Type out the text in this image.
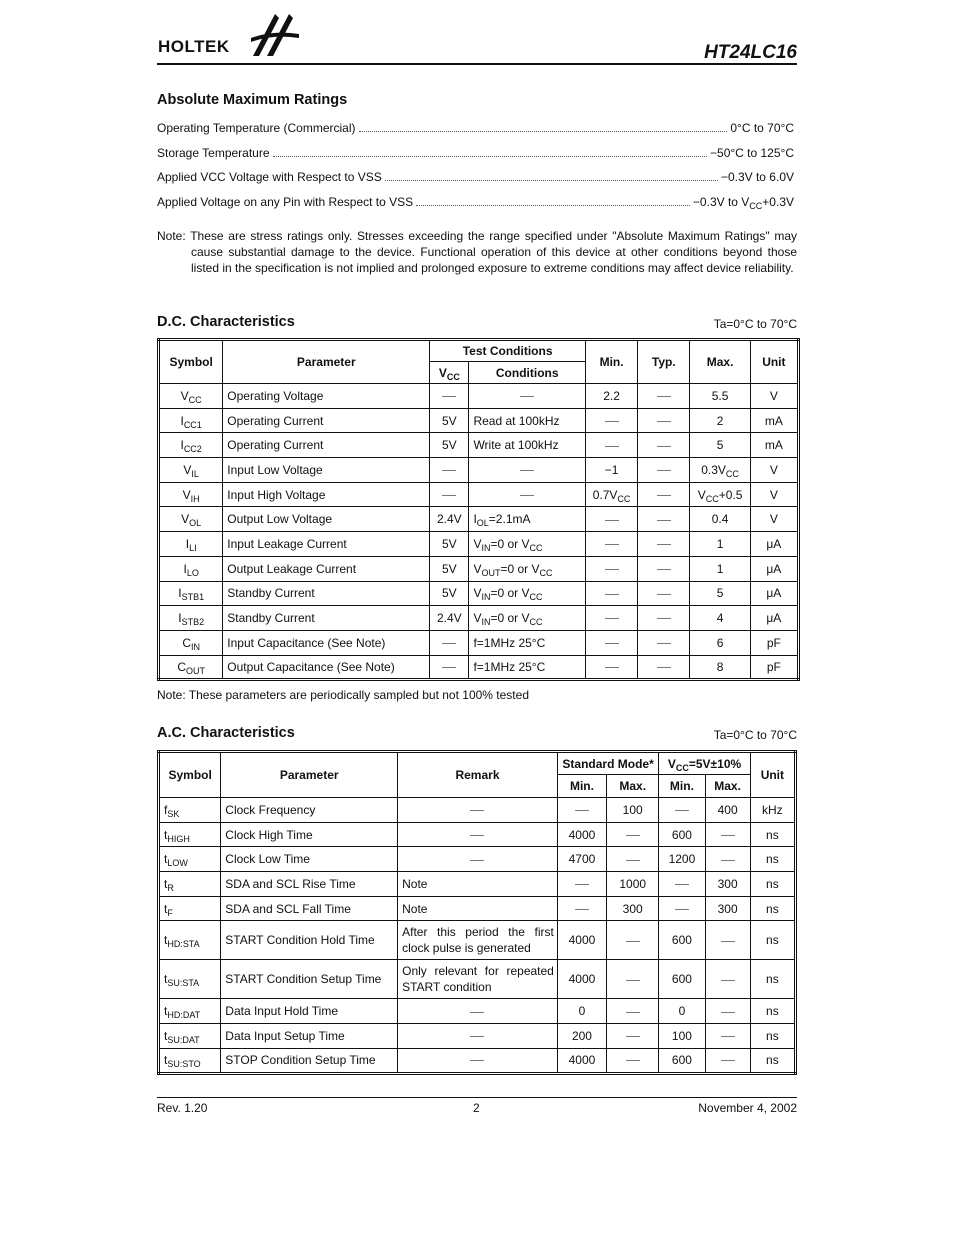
HOLTEK	HT24LC16
Absolute Maximum Ratings
Operating Temperature (Commercial)	0°C to 70°C
Storage Temperature	−50°C to 125°C
Applied VCC Voltage with Respect to VSS	−0.3V to 6.0V
Applied Voltage on any Pin with Respect to VSS	−0.3V to $V_{CC}+0.3V$
Note: These are stress ratings only. Stresses exceeding the range specified under "Absolute Maximum Ratings" may cause substantial damage to the device. Functional operation of this device at other conditions beyond those listed in the specification is not implied and prolonged exposure to extreme conditions may affect device reliability.
D.C. Characteristics	Ta=0°C to 70°C
Symbol	Parameter	Test Conditions		Min.	Typ.	Max.	Unit
		$V_{CC}$	Conditions				
$V_{CC}$	Operating Voltage			2.2		5.5	V
$I_{CC1}$	Operating Current	5V	Read at 100kHz			2	mA
$I_{CC2}$	Operating Current	5V	Write at 100kHz			5	mA
$V_{IL}$	Input Low Voltage			−1		$0.3V_{CC}$	V
$V_{IH}$	Input High Voltage			$0.7V_{CC}$		$V_{CC}+0.5$	V
$V_{OL}$	Output Low Voltage	2.4V	$I_{OL}=2.1mA$			0.4	V
$I_{LI}$	Input Leakage Current	5V	$V_{IN}=0$ or $V_{CC}$			1	μA
$I_{LO}$	Output Leakage Current	5V	$V_{OUT}=0$ or $V_{CC}$			1	μA
$I_{STB1}$	Standby Current	5V	$V_{IN}=0$ or $V_{CC}$			5	μA
$I_{STB2}$	Standby Current	2.4V	$V_{IN}=0$ or $V_{CC}$			4	μA
$C_{IN}$	Input Capacitance (See Note)		f=1MHz 25°C			6	pF
$C_{OUT}$	Output Capacitance (See Note)		f=1MHz 25°C			8	pF
Note: These parameters are periodically sampled but not 100% tested
A.C. Characteristics	Ta=0°C to 70°C
Symbol	Parameter	Remark	Standard Mode*		$V_{CC}=5V\pm 10\%$		Unit
			Min.	Max.	Min.	Max.	
$f_{SK}$	Clock Frequency			100		400	kHz
$t_{HIGH}$	Clock High Time		4000		600		ns
$t_{LOW}$	Clock Low Time		4700		1200		ns
$t_R$	SDA and SCL Rise Time	Note		1000		300	ns
$t_F$	SDA and SCL Fall Time	Note		300		300	ns
$t_{HD:STA}$	START Condition Hold Time	After this period the first clock pulse is generated	4000		600		ns
$t_{SU:STA}$	START Condition Setup Time	Only relevant for repeated START condition	4000		600		ns
$t_{HD:DAT}$	Data Input Hold Time		0		0		ns
$t_{SU:DAT}$	Data Input Setup Time		200		100		ns
$t_{SU:STO}$	STOP Condition Setup Time		4000		600		ns
Rev. 1.20	2	November 4, 2002
